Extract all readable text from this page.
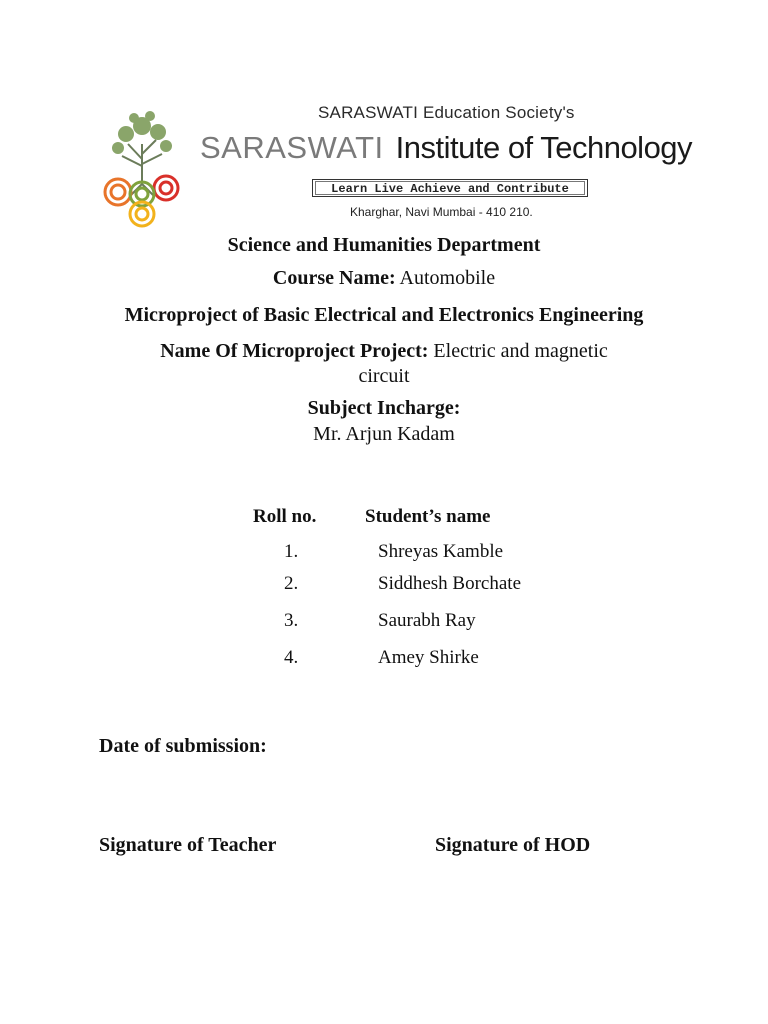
SARASWATI Education Society's
SARASWATI Institute of Technology
Learn Live Achieve and Contribute
Kharghar, Navi Mumbai - 410 210.
Science and Humanities Department
Course Name: Automobile
Microproject of Basic Electrical and Electronics Engineering
Name Of Microproject Project: Electric and magnetic
circuit
Subject Incharge:
Mr. Arjun Kadam
Roll no.	Student’s name
1.	Shreyas Kamble
2.	Siddhesh Borchate
3.	Saurabh Ray
4.	Amey Shirke
Date of submission:
Signature of Teacher	Signature of HOD
